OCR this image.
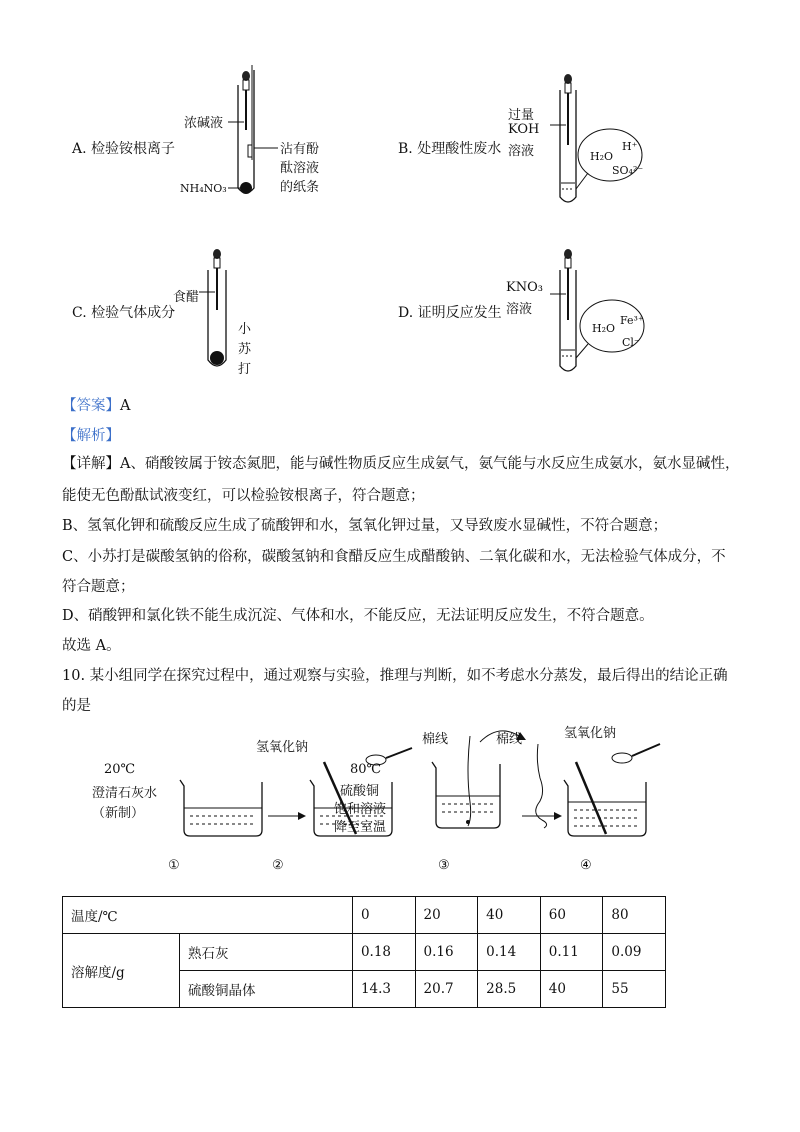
A. 检验铵根离子
浓碱液
沾有酚
酞溶液
的纸条
NH₄NO₃
B. 处理酸性废水
过量
KOH
溶液	H₂O
H⁺
SO₄²⁻
C. 检验气体成分
食醋
小
苏
打
D. 证明反应发生
KNO₃
溶液
H₂O
Fe³⁺
Cl⁻
【答案】A
【解析】
【详解】A、硝酸铵属于铵态氮肥，能与碱性物质反应生成氨气，氨气能与水反应生成氨水，氨水显碱性，
能使无色酚酞试液变红，可以检验铵根离子，符合题意；
B、氢氧化钾和硫酸反应生成了硫酸钾和水，氢氧化钾过量，又导致废水显碱性，不符合题意；
C、小苏打是碳酸氢钠的俗称，碳酸氢钠和食醋反应生成醋酸钠、二氧化碳和水，无法检验气体成分，不
符合题意；
D、硝酸钾和氯化铁不能生成沉淀、气体和水，不能反应，无法证明反应发生，不符合题意。
故选 A。
10. 某小组同学在探究过程中，通过观察与实验，推理与判断，如不考虑水分蒸发，最后得出的结论正确
的是
20℃
澄清石灰水
（新制）
氢氧化钠
棉线
80℃
硫酸铜
饱和溶液
降至室温
棉线	氢氧化钠
①	②	③	④
温度/℃		0	20	40	60	80
溶解度/g	熟石灰	0.18	0.16	0.14	0.11	0.09
	硫酸铜晶体	14.3	20.7	28.5	40	55
